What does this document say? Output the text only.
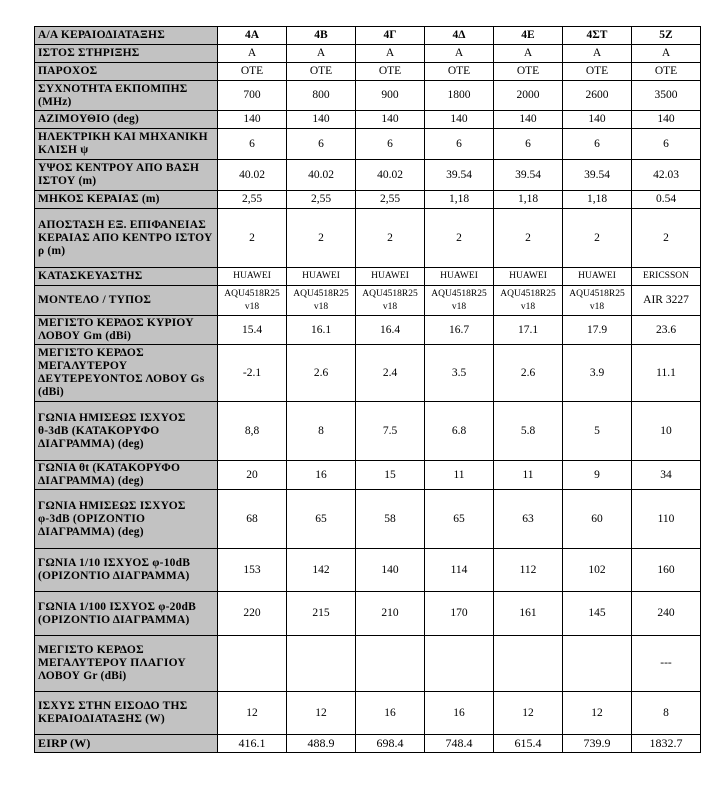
Α/Α ΚΕΡΑΙΟΔΙΑΤΑΞΗΣ	4Α	4Β	4Γ	4Δ	4Ε	4ΣΤ	5Ζ
ΙΣΤΟΣ ΣΤΗΡΙΞΗΣ	Α	Α	Α	Α	Α	Α	Α
ΠΑΡΟΧΟΣ	ΟΤΕ	ΟΤΕ	ΟΤΕ	ΟΤΕ	ΟΤΕ	ΟΤΕ	ΟΤΕ
ΣΥΧΝΟΤΗΤΑ ΕΚΠΟΜΠΗΣ (MHz)	700	800	900	1800	2000	2600	3500
ΑΖΙΜΟΥΘΙΟ (deg)	140	140	140	140	140	140	140
ΗΛΕΚΤΡΙΚΗ ΚΑΙ ΜΗΧΑΝΙΚΗ ΚΛΙΣΗ ψ	6	6	6	6	6	6	6
ΥΨΟΣ ΚΕΝΤΡΟΥ ΑΠΟ ΒΑΣΗ ΙΣΤΟΥ (m)	40.02	40.02	40.02	39.54	39.54	39.54	42.03
ΜΗΚΟΣ ΚΕΡΑΙΑΣ (m)	2,55	2,55	2,55	1,18	1,18	1,18	0.54
ΑΠΟΣΤΑΣΗ ΕΞ. ΕΠΙΦΑΝΕΙΑΣ ΚΕΡΑΙΑΣ ΑΠΟ ΚΕΝΤΡΟ ΙΣΤΟΥ ρ (m)	2	2	2	2	2	2	2
ΚΑΤΑΣΚΕΥΑΣΤΗΣ	HUAWEI	HUAWEI	HUAWEI	HUAWEI	HUAWEI	HUAWEI	ERICSSON
ΜΟΝΤΕΛΟ / ΤΥΠΟΣ	AQU4518R25 v18	AQU4518R25 v18	AQU4518R25 v18	AQU4518R25 v18	AQU4518R25 v18	AQU4518R25 v18	AIR 3227
ΜΕΓΙΣΤΟ ΚΕΡΔΟΣ ΚΥΡΙΟΥ ΛΟΒΟΥ Gm (dBi)	15.4	16.1	16.4	16.7	17.1	17.9	23.6
ΜΕΓΙΣΤΟ ΚΕΡΔΟΣ ΜΕΓΑΛΥΤΕΡΟΥ ΔΕΥΤΕΡΕΥΟΝΤΟΣ ΛΟΒΟΥ Gs (dBi)	-2.1	2.6	2.4	3.5	2.6	3.9	11.1
ΓΩΝΙΑ ΗΜΙΣΕΩΣ ΙΣΧΥΟΣ θ-3dB (ΚΑΤΑΚΟΡΥΦΟ ΔΙΑΓΡΑΜΜΑ) (deg)	8,8	8	7.5	6.8	5.8	5	10
ΓΩΝΙΑ θt (ΚΑΤΑΚΟΡΥΦΟ ΔΙΑΓΡΑΜΜΑ) (deg)	20	16	15	11	11	9	34
ΓΩΝΙΑ ΗΜΙΣΕΩΣ ΙΣΧΥΟΣ φ-3dB (ΟΡΙΖΟΝΤΙΟ ΔΙΑΓΡΑΜΜΑ) (deg)	68	65	58	65	63	60	110
ΓΩΝΙΑ 1/10 ΙΣΧΥΟΣ φ-10dB (ΟΡΙΖΟΝΤΙΟ ΔΙΑΓΡΑΜΜΑ)	153	142	140	114	112	102	160
ΓΩΝΙΑ 1/100 ΙΣΧΥΟΣ φ-20dB (ΟΡΙΖΟΝΤΙΟ ΔΙΑΓΡΑΜΜΑ)	220	215	210	170	161	145	240
ΜΕΓΙΣΤΟ ΚΕΡΔΟΣ ΜΕΓΑΛΥΤΕΡΟΥ ΠΛΑΓΙΟΥ ΛΟΒΟΥ Gr (dBi)							---
ΙΣΧΥΣ ΣΤΗΝ ΕΙΣΟΔΟ ΤΗΣ ΚΕΡΑΙΟΔΙΑΤΑΞΗΣ (W)	12	12	16	16	12	12	8
EIRP (W)	416.1	488.9	698.4	748.4	615.4	739.9	1832.7
